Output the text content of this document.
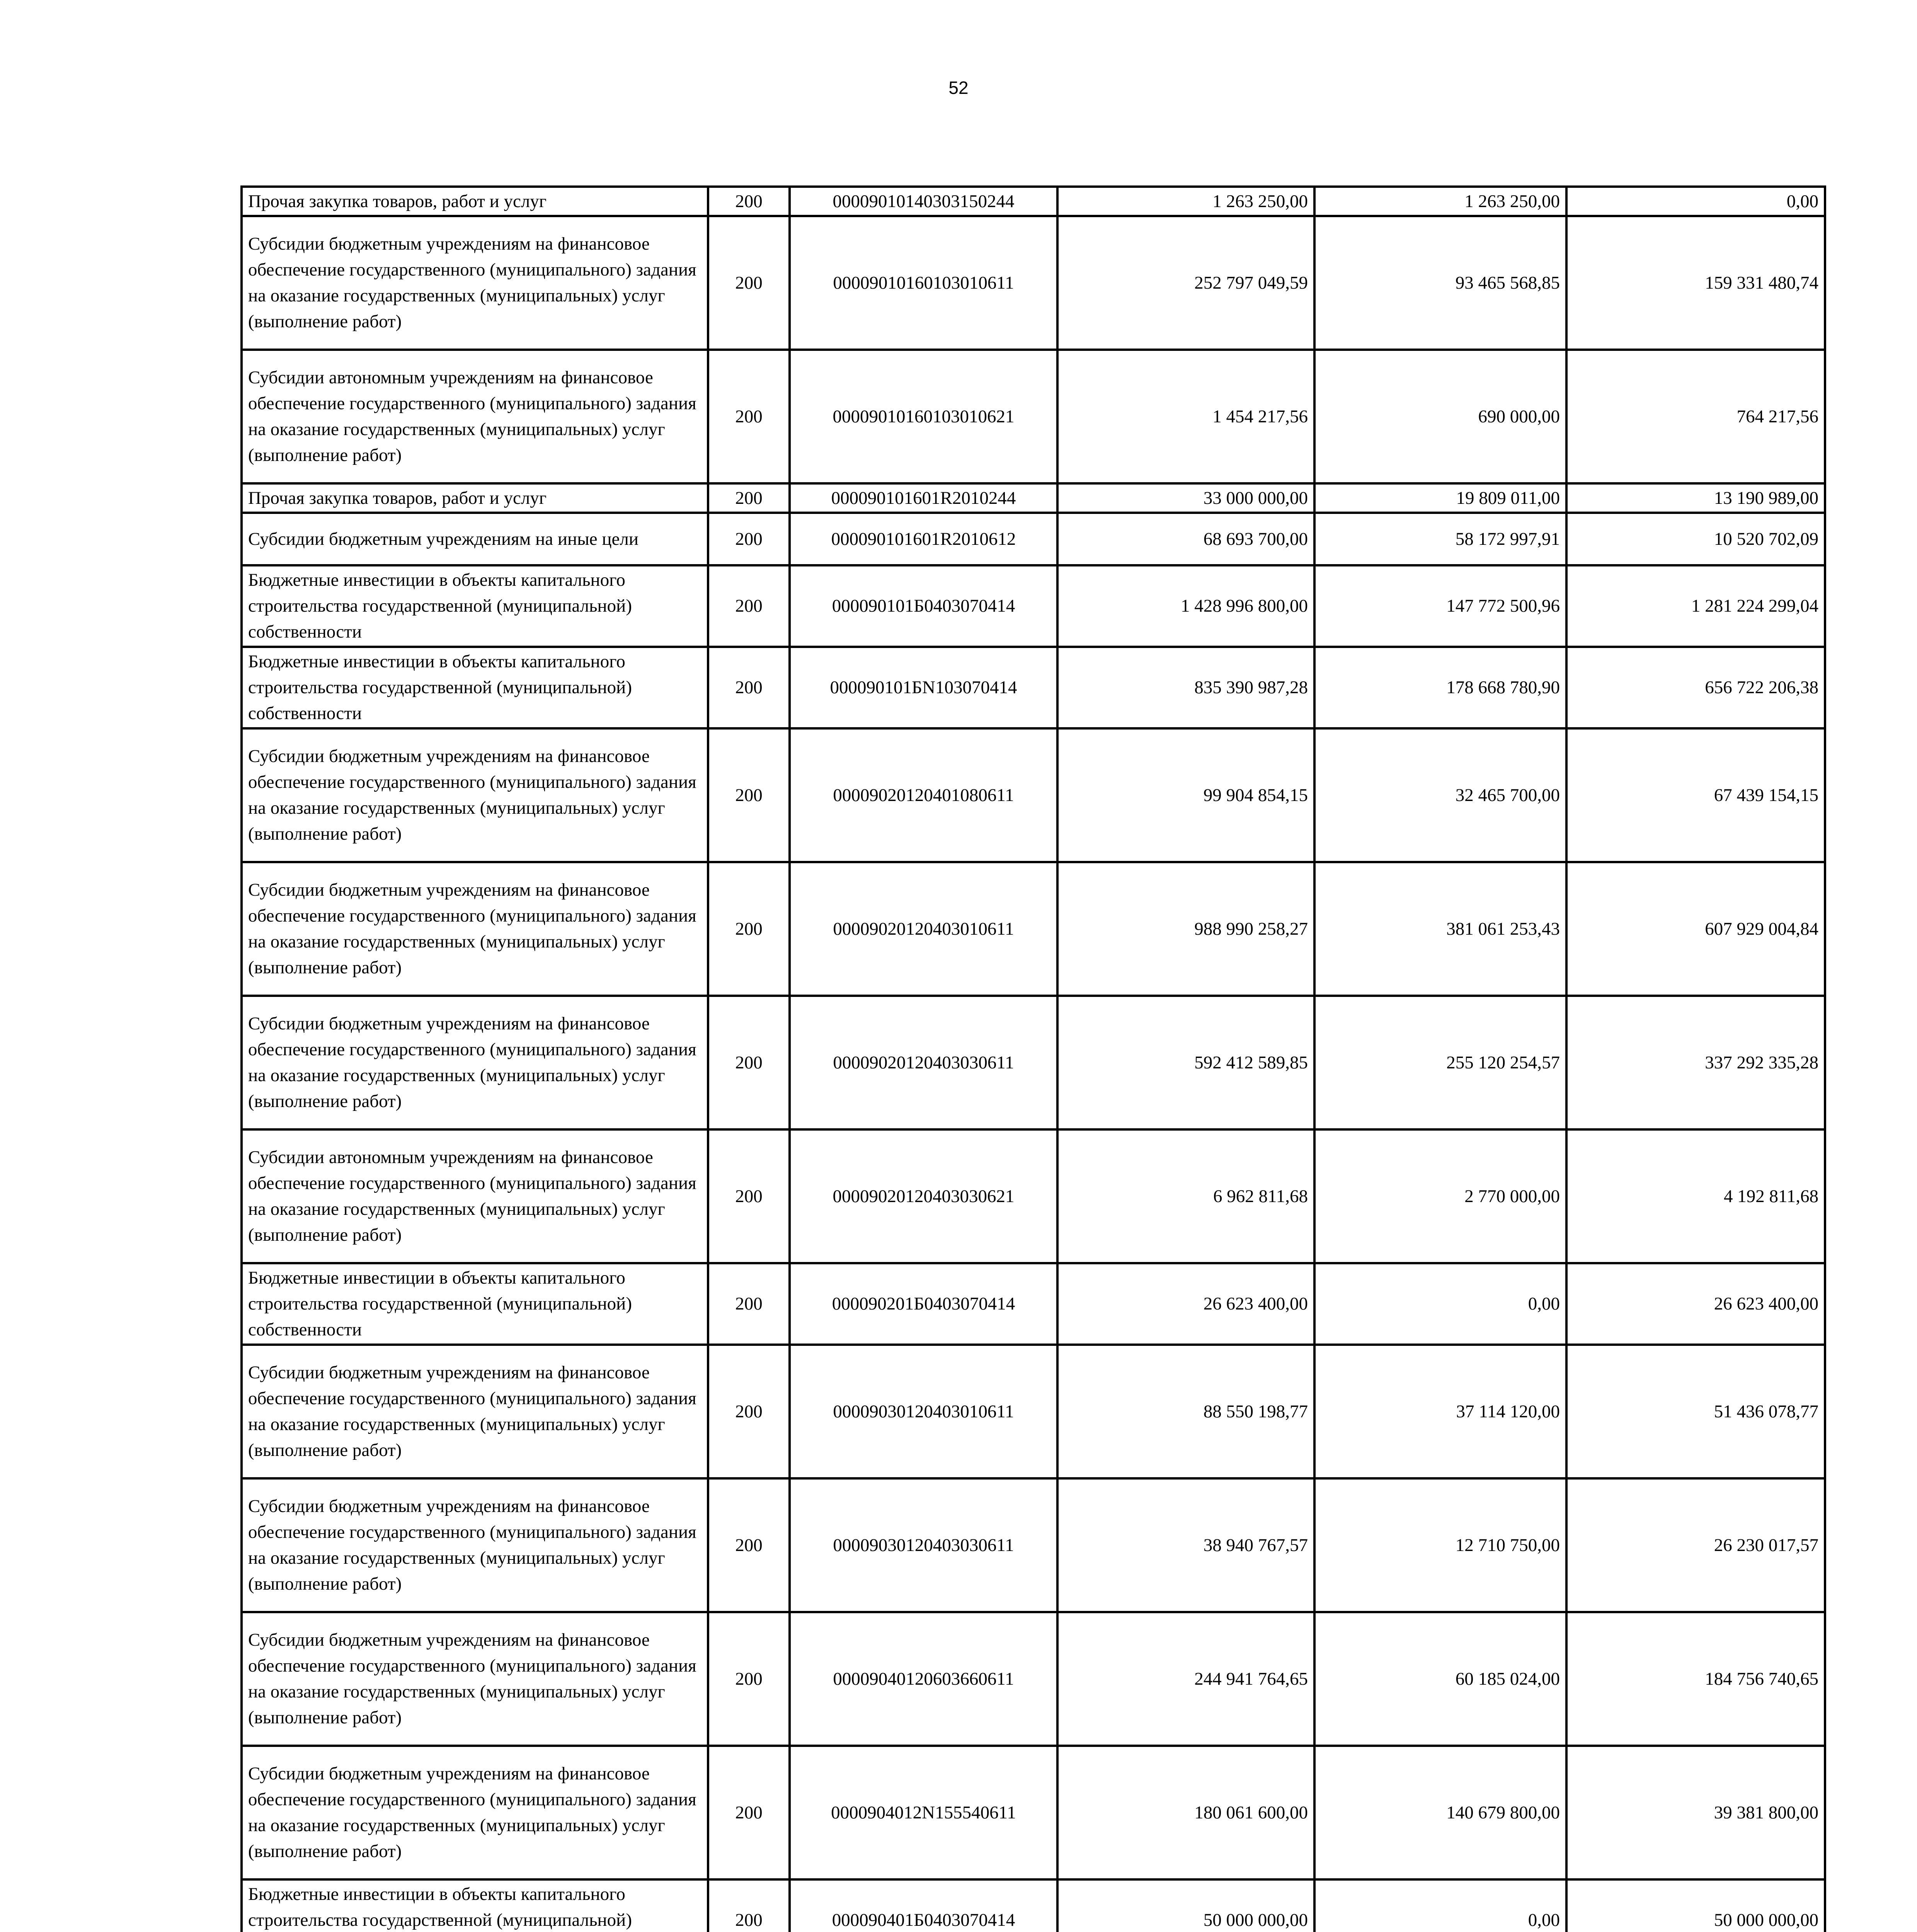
52
Прочая закупка товаров, работ и услуг	200	00009010140303150244	1 263 250,00	1 263 250,00	0,00
Субсидии бюджетным учреждениям на финансовое обеспечение государственного (муниципального) задания на оказание государственных (муниципальных) услуг (выполнение работ)	200	00009010160103010611	252 797 049,59	93 465 568,85	159 331 480,74
Субсидии автономным учреждениям на финансовое обеспечение государственного (муниципального) задания на оказание государственных (муниципальных) услуг (выполнение работ)	200	00009010160103010621	1 454 217,56	690 000,00	764 217,56
Прочая закупка товаров, работ и услуг	200	000090101601R2010244	33 000 000,00	19 809 011,00	13 190 989,00
Субсидии бюджетным учреждениям на иные цели	200	000090101601R2010612	68 693 700,00	58 172 997,91	10 520 702,09
Бюджетные инвестиции в объекты капитального строительства государственной (муниципальной) собственности	200	000090101Б0403070414	1 428 996 800,00	147 772 500,96	1 281 224 299,04
Бюджетные инвестиции в объекты капитального строительства государственной (муниципальной) собственности	200	000090101БN103070414	835 390 987,28	178 668 780,90	656 722 206,38
Субсидии бюджетным учреждениям на финансовое обеспечение государственного (муниципального) задания на оказание государственных (муниципальных) услуг (выполнение работ)	200	00009020120401080611	99 904 854,15	32 465 700,00	67 439 154,15
Субсидии бюджетным учреждениям на финансовое обеспечение государственного (муниципального) задания на оказание государственных (муниципальных) услуг (выполнение работ)	200	00009020120403010611	988 990 258,27	381 061 253,43	607 929 004,84
Субсидии бюджетным учреждениям на финансовое обеспечение государственного (муниципального) задания на оказание государственных (муниципальных) услуг (выполнение работ)	200	00009020120403030611	592 412 589,85	255 120 254,57	337 292 335,28
Субсидии автономным учреждениям на финансовое обеспечение государственного (муниципального) задания на оказание государственных (муниципальных) услуг (выполнение работ)	200	00009020120403030621	6 962 811,68	2 770 000,00	4 192 811,68
Бюджетные инвестиции в объекты капитального строительства государственной (муниципальной) собственности	200	000090201Б0403070414	26 623 400,00	0,00	26 623 400,00
Субсидии бюджетным учреждениям на финансовое обеспечение государственного (муниципального) задания на оказание государственных (муниципальных) услуг (выполнение работ)	200	00009030120403010611	88 550 198,77	37 114 120,00	51 436 078,77
Субсидии бюджетным учреждениям на финансовое обеспечение государственного (муниципального) задания на оказание государственных (муниципальных) услуг (выполнение работ)	200	00009030120403030611	38 940 767,57	12 710 750,00	26 230 017,57
Субсидии бюджетным учреждениям на финансовое обеспечение государственного (муниципального) задания на оказание государственных (муниципальных) услуг (выполнение работ)	200	00009040120603660611	244 941 764,65	60 185 024,00	184 756 740,65
Субсидии бюджетным учреждениям на финансовое обеспечение государственного (муниципального) задания на оказание государственных (муниципальных) услуг (выполнение работ)	200	0000904012N155540611	180 061 600,00	140 679 800,00	39 381 800,00
Бюджетные инвестиции в объекты капитального строительства государственной (муниципальной)	200	000090401Б0403070414	50 000 000,00	0,00	50 000 000,00
